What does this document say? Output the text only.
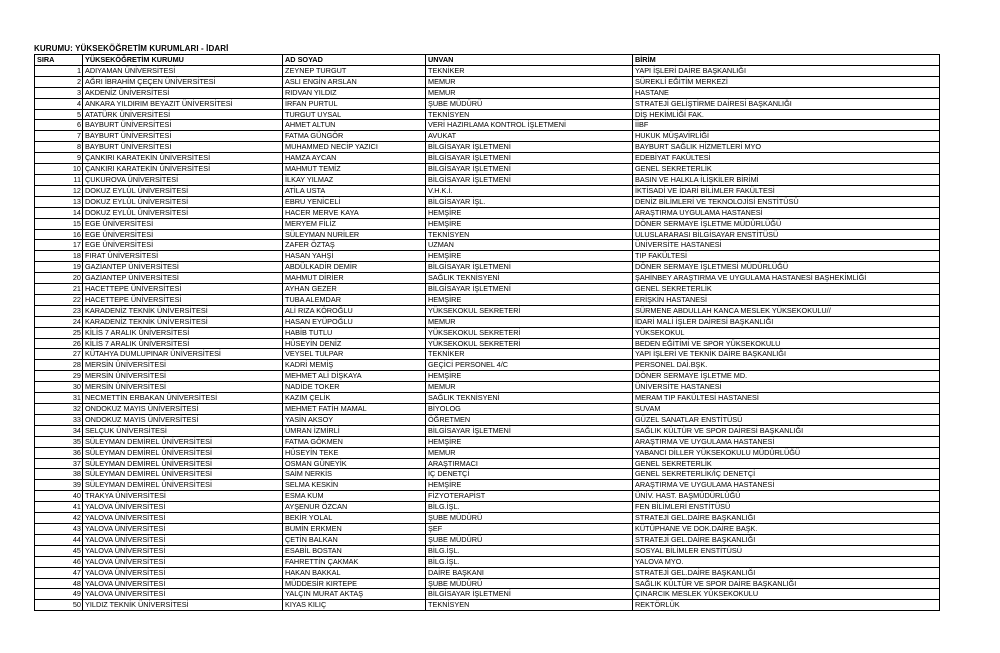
KURUMU: YÜKSEKÖĞRETİM KURUMLARI - İDARİ
SIRA	YÜKSEKÖĞRETİM KURUMU	AD SOYAD	UNVAN	BİRİM
1	ADIYAMAN ÜNİVERSİTESİ	ZEYNEP TURGUT	TEKNİKER	YAPI İŞLERİ DAİRE BAŞKANLIĞI
2	AĞRI İBRAHİM ÇEÇEN ÜNİVERSİTESİ	ASLI ENGİN ARSLAN	MEMUR	SÜREKLİ EĞİTİM MERKEZİ
3	AKDENİZ ÜNİVERSİTESİ	RIDVAN YILDIZ	MEMUR	HASTANE
4	ANKARA YILDIRIM BEYAZIT ÜNİVERSİTESİ	İRFAN PURTUL	ŞUBE MÜDÜRÜ	STRATEJİ GELİŞTİRME DAİRESİ BAŞKANLIĞI
5	ATATÜRK ÜNİVERSİTESİ	TURGUT UYSAL	TEKNİSYEN	DİŞ HEKİMLİĞİ FAK.
6	BAYBURT ÜNİVERSİTESİ	AHMET ALTUN	VERİ HAZIRLAMA KONTROL İŞLETMENİ	İİBF
7	BAYBURT ÜNİVERSİTESİ	FATMA GÜNGÖR	AVUKAT	HUKUK MÜŞAVİRLİĞİ
8	BAYBURT ÜNİVERSİTESİ	MUHAMMED NECİP YAZICI	BİLGİSAYAR İŞLETMENİ	BAYBURT SAĞLIK HİZMETLERİ MYO
9	ÇANKIRI KARATEKİN ÜNİVERSİTESİ	HAMZA AYCAN	BİLGİSAYAR İŞLETMENİ	EDEBİYAT FAKÜLTESİ
10	ÇANKIRI KARATEKİN ÜNİVERSİTESİ	MAHMUT TEMİZ	BİLGİSAYAR İŞLETMENİ	GENEL SEKRETERLİK
11	ÇUKUROVA ÜNİVERSİTESİ	İLKAY YILMAZ	BİLGİSAYAR İŞLETMENİ	BASIN VE HALKLA İLİŞKİLER BİRİMİ
12	DOKUZ EYLÜL ÜNİVERSİTESİ	ATİLA USTA	V.H.K.İ.	İKTİSADİ VE İDARİ BİLİMLER FAKÜLTESİ
13	DOKUZ EYLÜL ÜNİVERSİTESİ	EBRU YENİCELİ	BİLGİSAYAR İŞL.	DENİZ BİLİMLERİ VE TEKNOLOJİSİ ENSTİTÜSÜ
14	DOKUZ EYLÜL ÜNİVERSİTESİ	HACER MERVE KAYA	HEMŞİRE	ARAŞTIRMA UYGULAMA HASTANESİ
15	EGE ÜNİVERSİTESİ	MERYEM FİLİZ	HEMŞİRE	DÖNER SERMAYE İŞLETME MÜDÜRLÜĞÜ
16	EGE ÜNİVERSİTESİ	SÜLEYMAN NURİLER	TEKNİSYEN	ULUSLARARASI BİLGİSAYAR ENSTİTÜSÜ
17	EGE ÜNİVERSİTESİ	ZAFER ÖZTAŞ	UZMAN	ÜNİVERSİTE HASTANESİ
18	FIRAT ÜNİVERSİTESİ	HASAN YAHŞİ	HEMŞİRE	TIP FAKÜLTESİ
19	GAZİANTEP ÜNİVERSİTESİ	ABDÜLKADİR DEMİR	BİLGİSAYAR İŞLETMENİ	DÖNER SERMAYE İŞLETMESİ MÜDÜRLÜĞÜ
20	GAZİANTEP ÜNİVERSİTESİ	MAHMUT DİRİER	SAĞLIK TEKNİSYENİ	ŞAHİNBEY ARAŞTIRMA VE UYGULAMA HASTANESİ BAŞHEKİMLİĞİ
21	HACETTEPE ÜNİVERSİTESİ	AYHAN GEZER	BİLGİSAYAR İŞLETMENİ	GENEL SEKRETERLİK
22	HACETTEPE ÜNİVERSİTESİ	TUBA ALEMDAR	HEMŞİRE	ERİŞKİN HASTANESİ
23	KARADENİZ TEKNİK ÜNİVERSİTESİ	ALİ RIZA KÖROĞLU	YÜKSEKOKUL SEKRETERİ	SÜRMENE ABDULLAH KANCA MESLEK YÜKSEKOKULU//
24	KARADENİZ TEKNİK ÜNİVERSİTESİ	HASAN EYÜPOĞLU	MEMUR	İDARİ MALİ İŞLER DAİRESİ BAŞKANLIĞI
25	KİLİS 7 ARALIK ÜNİVERSİTESİ	HABİB TUTLU	YÜKSEKOKUL SEKRETERİ	YÜKSEKOKUL
26	KİLİS 7 ARALIK ÜNİVERSİTESİ	HÜSEYİN DENİZ	YÜKSEKOKUL SEKRETERİ	BEDEN EĞİTİMİ VE SPOR YÜKSEKOKULU
27	KÜTAHYA DUMLUPINAR ÜNİVERSİTESİ	VEYSEL TULPAR	TEKNİKER	YAPI İŞLERİ VE TEKNİK DAİRE BAŞKANLIĞI
28	MERSİN ÜNİVERSİTESİ	KADRİ MEMİŞ	GEÇİCİ PERSONEL 4/C	PERSONEL DAİ.BŞK.
29	MERSİN ÜNİVERSİTESİ	MEHMET ALİ DİŞKAYA	HEMŞİRE	DÖNER SERMAYE İŞLETME MD.
30	MERSİN ÜNİVERSİTESİ	NADİDE TOKER	MEMUR	ÜNİVERSİTE HASTANESİ
31	NECMETTİN ERBAKAN ÜNİVERSİTESİ	KAZIM ÇELİK	SAĞLIK TEKNİSYENİ	MERAM TIP FAKÜLTESİ HASTANESİ
32	ONDOKUZ MAYIS ÜNİVERSİTESİ	MEHMET FATİH MAMAL	BİYOLOG	SUVAM
33	ONDOKUZ MAYIS ÜNİVERSİTESİ	YASİN AKSOY	ÖĞRETMEN	GÜZEL SANATLAR ENSTİTÜSÜ
34	SELÇUK ÜNİVERSİTESİ	ÜMRAN İZMİRLİ	BİLGİSAYAR İŞLETMENİ	SAĞLIK KÜLTÜR VE SPOR DAİRESİ BAŞKANLIĞI
35	SÜLEYMAN DEMİREL ÜNİVERSİTESİ	FATMA GÖKMEN	HEMŞİRE	ARAŞTIRMA VE UYGULAMA HASTANESİ
36	SÜLEYMAN DEMİREL ÜNİVERSİTESİ	HÜSEYİN TEKE	MEMUR	YABANCI DİLLER YÜKSEKOKULU MÜDÜRLÜĞÜ
37	SÜLEYMAN DEMİREL ÜNİVERSİTESİ	OSMAN GÜNEYİK	ARAŞTIRMACI	GENEL SEKRETERLİK
38	SÜLEYMAN DEMİREL ÜNİVERSİTESİ	SAİM NERKİS	İÇ DENETÇİ	GENEL SEKRETERLİK/İÇ DENETÇİ
39	SÜLEYMAN DEMİREL ÜNİVERSİTESİ	SELMA KESKİN	HEMŞİRE	ARAŞTIRMA VE UYGULAMA HASTANESİ
40	TRAKYA ÜNİVERSİTESİ	ESMA KUM	FİZYOTERAPİST	ÜNİV. HAST. BAŞMÜDÜRLÜĞÜ
41	YALOVA ÜNİVERSİTESİ	AYŞENUR ÖZCAN	BİLG.İŞL.	FEN BİLİMLERİ ENSTİTÜSÜ
42	YALOVA ÜNİVERSİTESİ	BEKİR YOLAL	ŞUBE MÜDÜRÜ	STRATEJİ GEL.DAİRE BAŞKANLIĞI
43	YALOVA ÜNİVERSİTESİ	BUMİN ERKMEN	ŞEF	KÜTÜPHANE VE DOK.DAİRE BAŞK.
44	YALOVA ÜNİVERSİTESİ	ÇETİN BALKAN	ŞUBE MÜDÜRÜ	STRATEJİ GEL.DAİRE BAŞKANLIĞI
45	YALOVA ÜNİVERSİTESİ	ESABİL BOSTAN	BİLG.İŞL.	SOSYAL BİLİMLER ENSTİTÜSÜ
46	YALOVA ÜNİVERSİTESİ	FAHRETTİN ÇAKMAK	BİLG.İŞL.	YALOVA MYO.
47	YALOVA ÜNİVERSİTESİ	HAKAN BAKKAL	DAİRE BAŞKANI	STRATEJİ GEL.DAİRE BAŞKANLIĞI
48	YALOVA ÜNİVERSİTESİ	MÜDDESİR KIRTEPE	ŞUBE MÜDÜRÜ	SAĞLIK KÜLTÜR VE SPOR DAİRE BAŞKANLIĞI
49	YALOVA ÜNİVERSİTESİ	YALÇIN MURAT AKTAŞ	BİLGİSAYAR İŞLETMENİ	ÇINARCIK MESLEK YÜKSEKOKULU
50	YILDIZ TEKNİK ÜNİVERSİTESİ	KIYAS KILIÇ	TEKNİSYEN	REKTÖRLÜK
